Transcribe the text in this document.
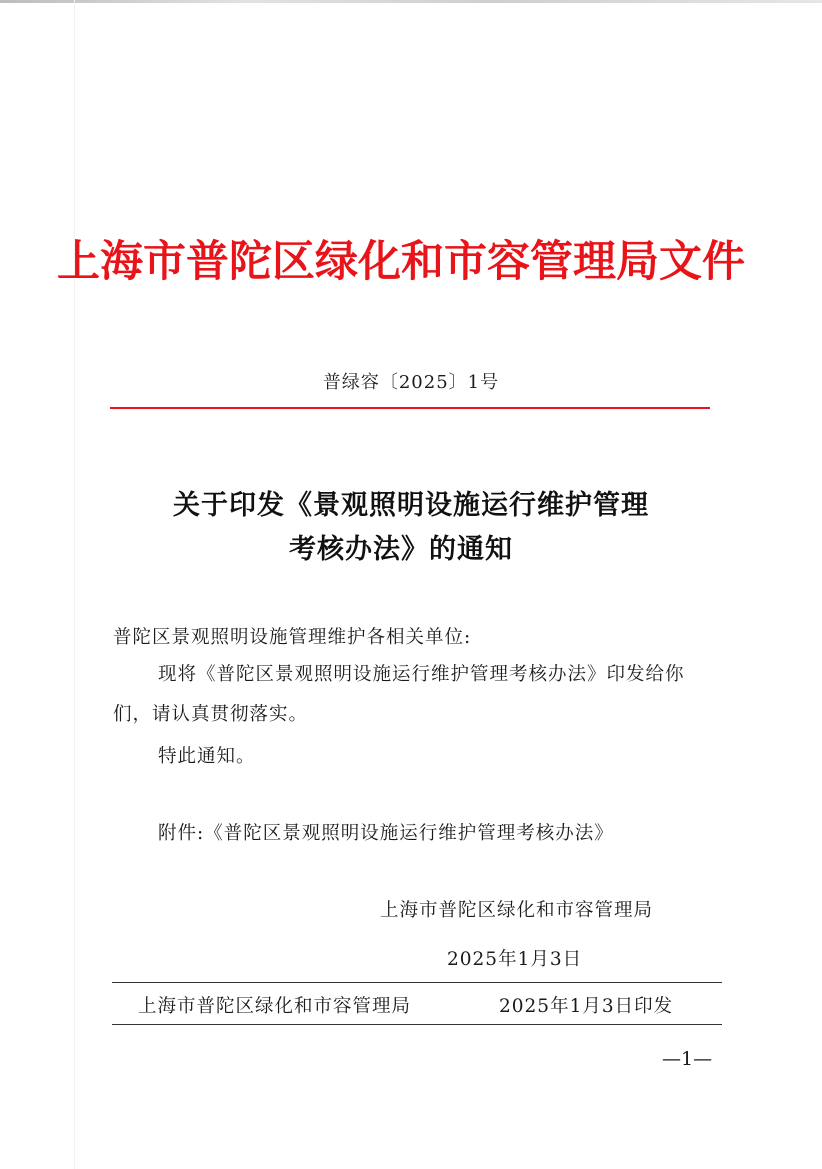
上海市普陀区绿化和市容管理局文件
普绿容〔2025〕1号
关于印发《景观照明设施运行维护管理
考核办法》的通知
普陀区景观照明设施管理维护各相关单位:
现将《普陀区景观照明设施运行维护管理考核办法》印发给你
们，请认真贯彻落实。
特此通知。
附件:《普陀区景观照明设施运行维护管理考核办法》
上海市普陀区绿化和市容管理局
2025年1月3日
上海市普陀区绿化和市容管理局	2025年1月3日印发
—1—
